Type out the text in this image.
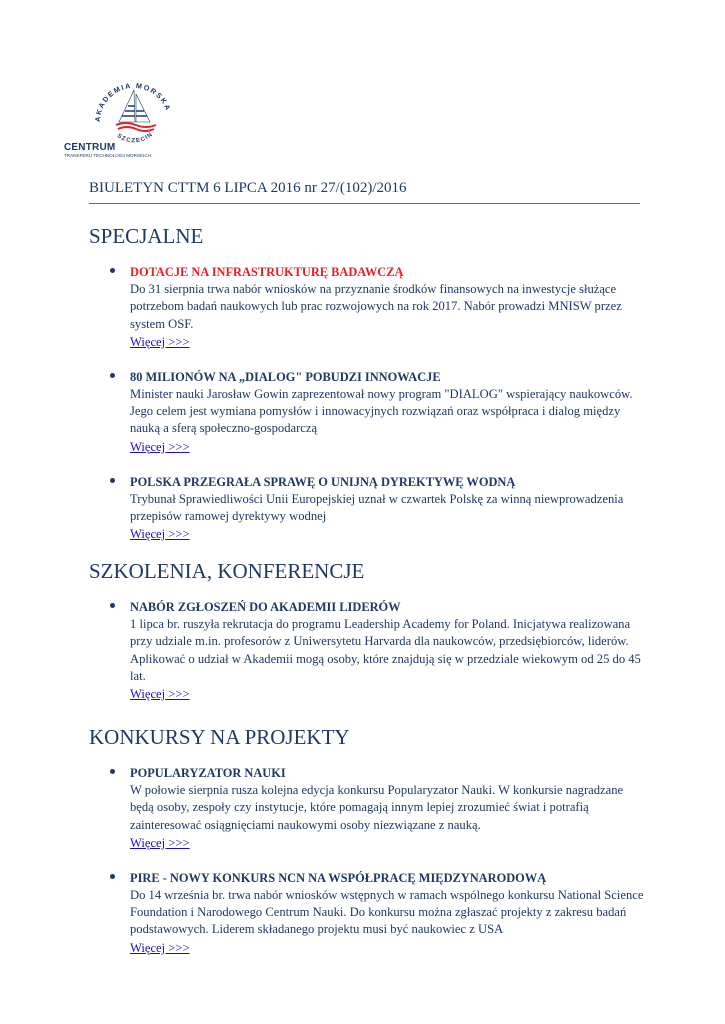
AKADEMIA MORSKA
SZCZECIN
CENTRUM
TRANSFERU TECHNOLOGII MORSKICH
BIULETYN CTTM 6 LIPCA 2016 nr 27/(102)/2016
SPECJALNE
DOTACJE NA INFRASTRUKTURĘ BADAWCZĄ
Do 31 sierpnia trwa nabór wniosków na przyznanie środków finansowych na inwestycje służące potrzebom badań naukowych lub prac rozwojowych na rok 2017. Nabór prowadzi MNISW przez system OSF.
Więcej >>>
80 MILIONÓW NA „DIALOG" POBUDZI INNOWACJE
Minister nauki Jarosław Gowin zaprezentował nowy program "DIALOG" wspierający naukowców. Jego celem jest wymiana pomysłów i innowacyjnych rozwiązań oraz współpraca i dialog między nauką a sferą społeczno-gospodarczą
Więcej >>>
POLSKA PRZEGRAŁA SPRAWĘ O UNIJNĄ DYREKTYWĘ WODNĄ
Trybunał Sprawiedliwości Unii Europejskiej uznał w czwartek Polskę za winną niewprowadzenia przepisów ramowej dyrektywy wodnej
Więcej >>>
SZKOLENIA, KONFERENCJE
NABÓR ZGŁOSZEŃ DO AKADEMII LIDERÓW
1 lipca br. ruszyła rekrutacja do programu Leadership Academy for Poland. Inicjatywa realizowana przy udziale m.in. profesorów z Uniwersytetu Harvarda dla naukowców, przedsiębiorców, liderów. Aplikować o udział w Akademii mogą osoby, które znajdują się w przedziale wiekowym od 25 do 45 lat.
Więcej >>>
KONKURSY NA PROJEKTY
POPULARYZATOR NAUKI
W połowie sierpnia rusza kolejna edycja konkursu Popularyzator Nauki. W konkursie nagradzane będą osoby, zespoły czy instytucje, które pomagają innym lepiej zrozumieć świat i potrafią zainteresować osiągnięciami naukowymi osoby niezwiązane z nauką.
Więcej >>>
PIRE - NOWY KONKURS NCN NA WSPÓŁPRACĘ MIĘDZYNARODOWĄ
Do 14 września br. trwa nabór wniosków wstępnych w ramach wspólnego konkursu National Science Foundation i Narodowego Centrum Nauki. Do konkursu można zgłaszać projekty z zakresu badań podstawowych. Liderem składanego projektu musi być naukowiec z USA
Więcej >>>
